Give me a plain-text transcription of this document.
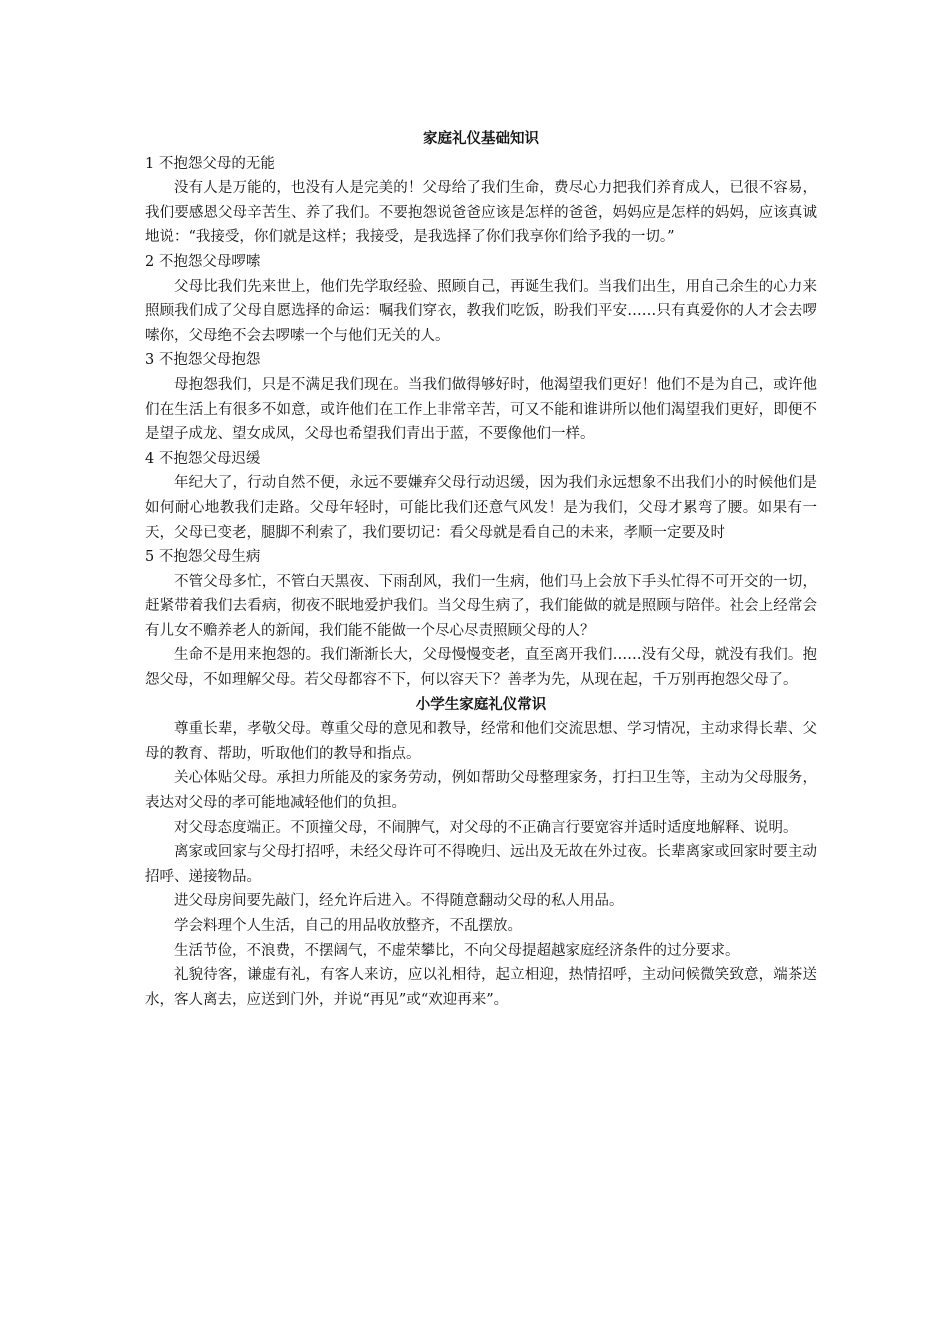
家庭礼仪基础知识

1 不抱怨父母的无能

没有人是万能的，也没有人是完美的！父母给了我们生命，费尽心力把我们养育成人，已很不容易，我们要感恩父母辛苦生、养了我们。不要抱怨说爸爸应该是怎样的爸爸，妈妈应是怎样的妈妈，应该真诚地说：“我接受，你们就是这样；我接受，是我选择了你们我享你们给予我的一切。”

2 不抱怨父母啰嗦

父母比我们先来世上，他们先学取经验、照顾自己，再诞生我们。当我们出生，用自己余生的心力来照顾我们成了父母自愿选择的命运：嘱我们穿衣，教我们吃饭，盼我们平安……只有真爱你的人才会去啰嗦你，父母绝不会去啰嗦一个与他们无关的人。

3 不抱怨父母抱怨

母抱怨我们，只是不满足我们现在。当我们做得够好时，他渴望我们更好！他们不是为自己，或许他们在生活上有很多不如意，或许他们在工作上非常辛苦，可又不能和谁讲所以他们渴望我们更好，即便不是望子成龙、望女成凤，父母也希望我们青出于蓝，不要像他们一样。

4 不抱怨父母迟缓

年纪大了，行动自然不便，永远不要嫌弃父母行动迟缓，因为我们永远想象不出我们小的时候他们是如何耐心地教我们走路。父母年轻时，可能比我们还意气风发！是为我们，父母才累弯了腰。如果有一天，父母已变老，腿脚不利索了，我们要切记：看父母就是看自己的未来，孝顺一定要及时

5 不抱怨父母生病

不管父母多忙，不管白天黑夜、下雨刮风，我们一生病，他们马上会放下手头忙得不可开交的一切，赶紧带着我们去看病，彻夜不眠地爱护我们。当父母生病了，我们能做的就是照顾与陪伴。社会上经常会有儿女不赡养老人的新闻，我们能不能做一个尽心尽责照顾父母的人？

生命不是用来抱怨的。我们渐渐长大，父母慢慢变老，直至离开我们……没有父母，就没有我们。抱怨父母，不如理解父母。若父母都容不下，何以容天下？善孝为先，从现在起，千万别再抱怨父母了。

小学生家庭礼仪常识

尊重长辈，孝敬父母。尊重父母的意见和教导，经常和他们交流思想、学习情况，主动求得长辈、父母的教育、帮助，听取他们的教导和指点。

关心体贴父母。承担力所能及的家务劳动，例如帮助父母整理家务，打扫卫生等，主动为父母服务，表达对父母的孝可能地减轻他们的负担。

对父母态度端正。不顶撞父母，不闹脾气，对父母的不正确言行要宽容并适时适度地解释、说明。

离家或回家与父母打招呼，未经父母许可不得晚归、远出及无故在外过夜。长辈离家或回家时要主动招呼、递接物品。

进父母房间要先敲门，经允许后进入。不得随意翻动父母的私人用品。

学会料理个人生活，自己的用品收放整齐，不乱摆放。

生活节俭，不浪费，不摆阔气，不虚荣攀比，不向父母提超越家庭经济条件的过分要求。

礼貌待客，谦虚有礼，有客人来访，应以礼相待，起立相迎，热情招呼，主动问候微笑致意，端茶送水，客人离去，应送到门外，并说“再见”或“欢迎再来”。
